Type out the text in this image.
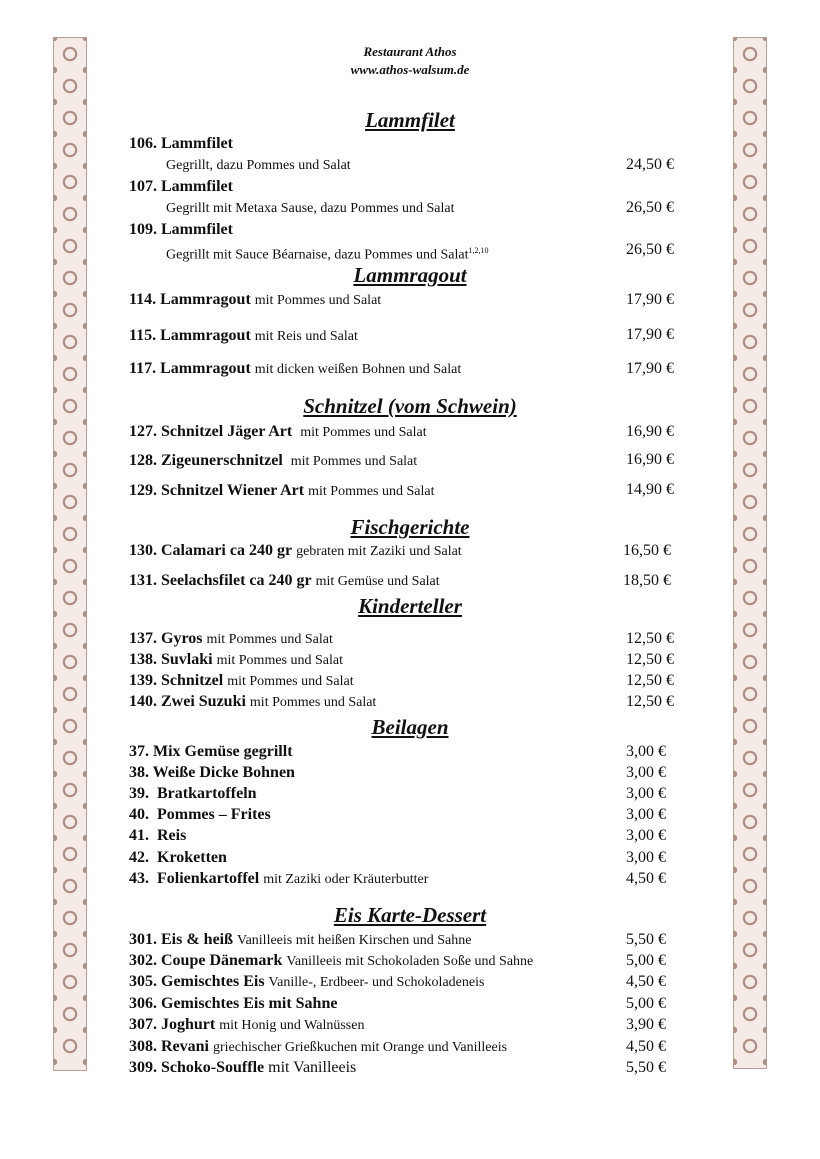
Restaurant Athos
www.athos-walsum.de
Lammfilet
106. Lammfilet
Gegrillt, dazu Pommes und Salat	24,50 €
107. Lammfilet
Gegrillt mit Metaxa Sause, dazu Pommes und Salat	26,50 €
109. Lammfilet
Gegrillt mit Sauce Béarnaise, dazu Pommes und Salat$^{1,2,10}$	26,50 €
Lammragout
114. Lammragout mit Pommes und Salat	17,90 €
115. Lammragout mit Reis und Salat	17,90 €
117. Lammragout mit dicken weißen Bohnen und Salat	17,90 €
Schnitzel (vom Schwein)
127. Schnitzel Jäger Art mit Pommes und Salat	16,90 €
128. Zigeunerschnitzel mit Pommes und Salat	16,90 €
129. Schnitzel Wiener Art mit Pommes und Salat	14,90 €
Fischgerichte
130. Calamari ca 240 gr gebraten mit Zaziki und Salat	16,50 €
131. Seelachsfilet ca 240 gr mit Gemüse und Salat	18,50 €
Kinderteller
137. Gyros mit Pommes und Salat	12,50 €
138. Suvlaki mit Pommes und Salat	12,50 €
139. Schnitzel mit Pommes und Salat	12,50 €
140. Zwei Suzuki mit Pommes und Salat	12,50 €
Beilagen
37. Mix Gemüse gegrillt	3,00 €
38. Weiße Dicke Bohnen	3,00 €
39.  Bratkartoffeln	3,00 €
40.  Pommes – Frites	3,00 €
41.  Reis	3,00 €
42.  Kroketten	3,00 €
43.  Folienkartoffel mit Zaziki oder Kräuterbutter	4,50 €
Eis Karte-Dessert
301. Eis & heiß Vanilleeis mit heißen Kirschen und Sahne	5,50 €
302. Coupe Dänemark Vanilleeis mit Schokoladen Soße und Sahne	5,00 €
305. Gemischtes Eis Vanille-, Erdbeer- und Schokoladeneis	4,50 €
306. Gemischtes Eis mit Sahne	5,00 €
307. Joghurt mit Honig und Walnüssen	3,90 €
308. Revani griechischer Grießkuchen mit Orange und Vanilleeis	4,50 €
309. Schoko-Souffle mit Vanilleeis	5,50 €
